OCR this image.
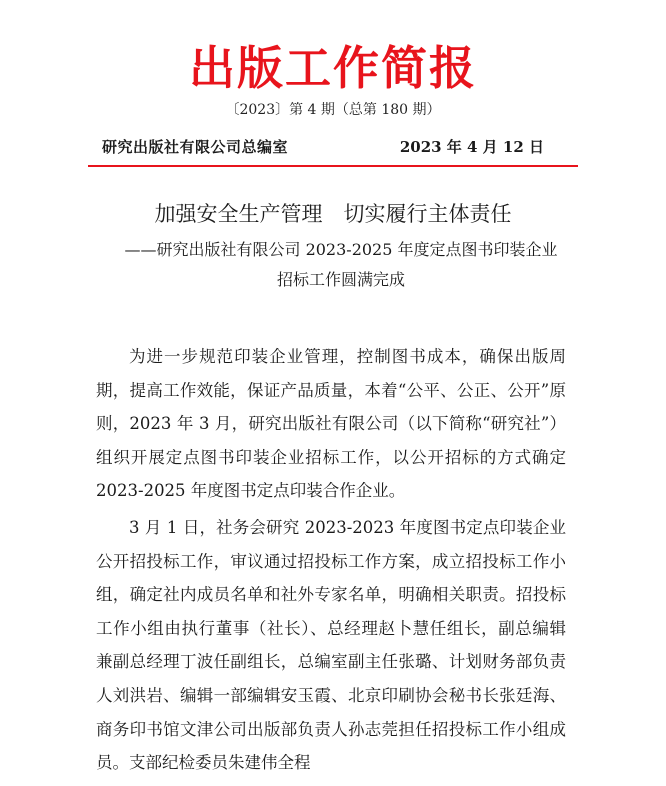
出版工作简报
〔2023〕第 4 期（总第 180 期）
研究出版社有限公司总编室	2023 年 4 月 12 日
加强安全生产管理　切实履行主体责任
——研究出版社有限公司 2023-2025 年度定点图书印装企业
招标工作圆满完成

为进一步规范印装企业管理，控制图书成本，确保出版周期，提高工作效能，保证产品质量，本着“公平、公正、公开”原则，2023 年 3 月，研究出版社有限公司（以下简称“研究社”）组织开展定点图书印装企业招标工作，以公开招标的方式确定 2023-2025 年度图书定点印装合作企业。

3 月 1 日，社务会研究 2023-2023 年度图书定点印装企业公开招投标工作，审议通过招投标工作方案，成立招投标工作小组，确定社内成员名单和社外专家名单，明确相关职责。招投标工作小组由执行董事（社长）、总经理赵卜慧任组长，副总编辑兼副总经理丁波任副组长，总编室副主任张璐、计划财务部负责人刘洪岩、编辑一部编辑安玉霞、北京印刷协会秘书长张廷海、商务印书馆文津公司出版部负责人孙志莞担任招投标工作小组成员。支部纪检委员朱建伟全程
